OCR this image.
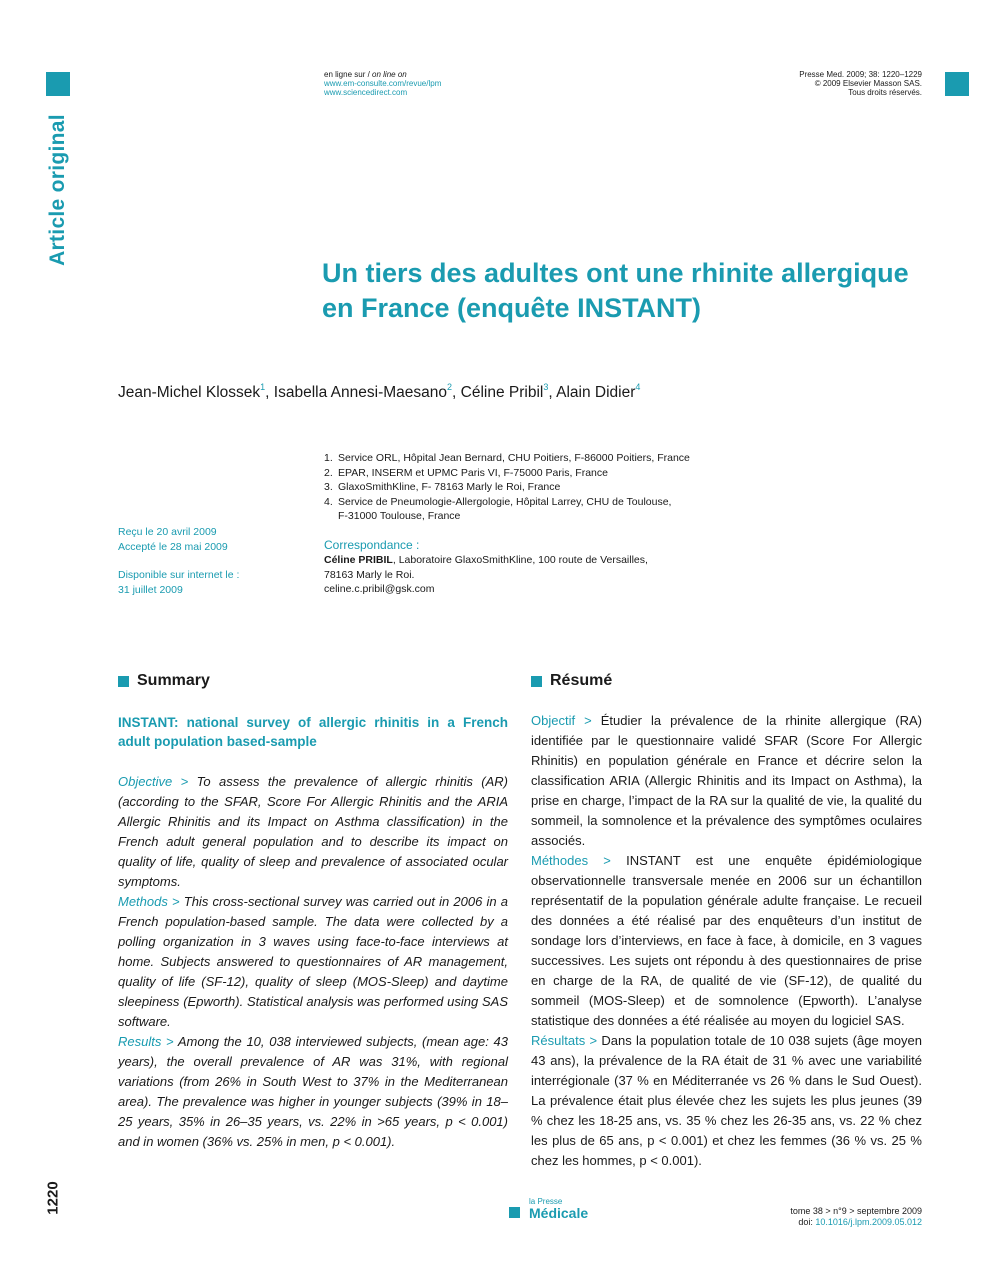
Article original
1220
en ligne sur / on line on
www.em-consulte.com/revue/lpm
www.sciencedirect.com
Presse Med. 2009; 38: 1220–1229
© 2009 Elsevier Masson SAS.
Tous droits réservés.
Un tiers des adultes ont une rhinite allergique
en France (enquête INSTANT)
Jean-Michel Klossek$^1$, Isabella Annesi-Maesano$^2$, Céline Pribil$^3$, Alain Didier$^4$
1. Service ORL, Hôpital Jean Bernard, CHU Poitiers, F-86000 Poitiers, France
2. EPAR, INSERM et UPMC Paris VI, F-75000 Paris, France
3. GlaxoSmithKline, F- 78163 Marly le Roi, France
4. Service de Pneumologie-Allergologie, Hôpital Larrey, CHU de Toulouse,
F-31000 Toulouse, France
Reçu le 20 avril 2009
Accepté le 28 mai 2009
Disponible sur internet le :
31 juillet 2009
Correspondance :
Céline PRIBIL, Laboratoire GlaxoSmithKline, 100 route de Versailles,
78163 Marly le Roi.
celine.c.pribil@gsk.com
Summary	Résumé
INSTANT: national survey of allergic rhinitis in a French adult population based-sample

Objective > To assess the prevalence of allergic rhinitis (AR) (according to the SFAR, Score For Allergic Rhinitis and the ARIA Allergic Rhinitis and its Impact on Asthma classification) in the French adult general population and to describe its impact on quality of life, quality of sleep and prevalence of associated ocular symptoms.

Methods > This cross-sectional survey was carried out in 2006 in a French population-based sample. The data were collected by a polling organization in 3 waves using face-to-face interviews at home. Subjects answered to questionnaires of AR management, quality of life (SF-12), quality of sleep (MOS-Sleep) and daytime sleepiness (Epworth). Statistical analysis was performed using SAS software.

Results > Among the 10, 038 interviewed subjects, (mean age: 43 years), the overall prevalence of AR was 31%, with regional variations (from 26% in South West to 37% in the Mediterranean area). The prevalence was higher in younger subjects (39% in 18–25 years, 35% in 26–35 years, vs. 22% in >65 years, p < 0.001) and in women (36% vs. 25% in men, p < 0.001).

Objectif > Étudier la prévalence de la rhinite allergique (RA) identifiée par le questionnaire validé SFAR (Score For Allergic Rhinitis) en population générale en France et décrire selon la classification ARIA (Allergic Rhinitis and its Impact on Asthma), la prise en charge, l’impact de la RA sur la qualité de vie, la qualité du sommeil, la somnolence et la prévalence des symptômes oculaires associés.

Méthodes > INSTANT est une enquête épidémiologique observationnelle transversale menée en 2006 sur un échantillon représentatif de la population générale adulte française. Le recueil des données a été réalisé par des enquêteurs d’un institut de sondage lors d’interviews, en face à face, à domicile, en 3 vagues successives. Les sujets ont répondu à des questionnaires de prise en charge de la RA, de qualité de vie (SF-12), de qualité du sommeil (MOS-Sleep) et de somnolence (Epworth). L’analyse statistique des données a été réalisée au moyen du logiciel SAS.

Résultats > Dans la population totale de 10 038 sujets (âge moyen 43 ans), la prévalence de la RA était de 31 % avec une variabilité interrégionale (37 % en Méditerranée vs 26 % dans le Sud Ouest). La prévalence était plus élevée chez les sujets les plus jeunes (39 % chez les 18-25 ans, vs. 35 % chez les 26-35 ans, vs. 22 % chez les plus de 65 ans, p < 0.001) et chez les femmes (36 % vs. 25 % chez les hommes, p < 0.001).

la Presse
Médicale	tome 38 > n°9 > septembre 2009
doi: 10.1016/j.lpm.2009.05.012
